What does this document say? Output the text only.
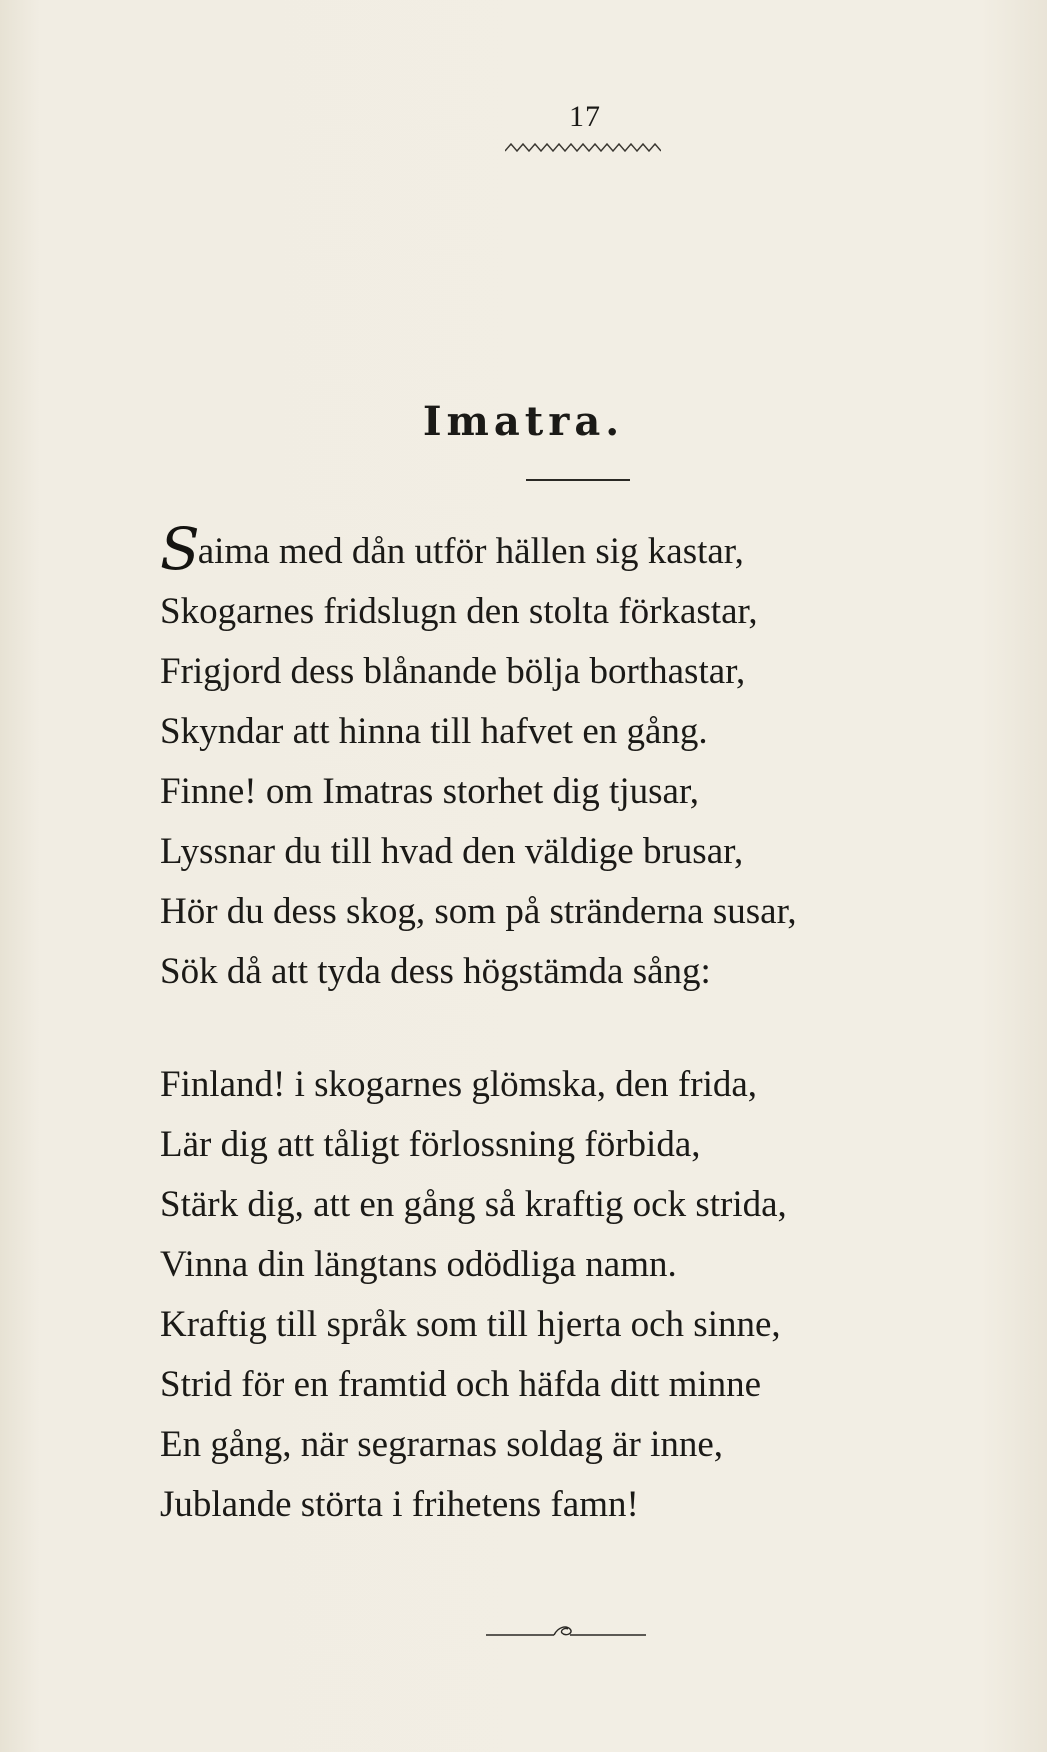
17
Imatra.
Saima med dån utför hällen sig kastar,
Skogarnes fridslugn den stolta förkastar,
Frigjord dess blånande bölja borthastar,
Skyndar att hinna till hafvet en gång.
Finne! om Imatras storhet dig tjusar,
Lyssnar du till hvad den väldige brusar,
Hör du dess skog, som på stränderna susar,
Sök då att tyda dess högstämda sång:
Finland! i skogarnes glömska, den frida,
Lär dig att tåligt förlossning förbida,
Stärk dig, att en gång så kraftig ock strida,
Vinna din längtans odödliga namn.
Kraftig till språk som till hjerta och sinne,
Strid för en framtid och häfda ditt minne
En gång, när segrarnas soldag är inne,
Jublande störta i frihetens famn!
